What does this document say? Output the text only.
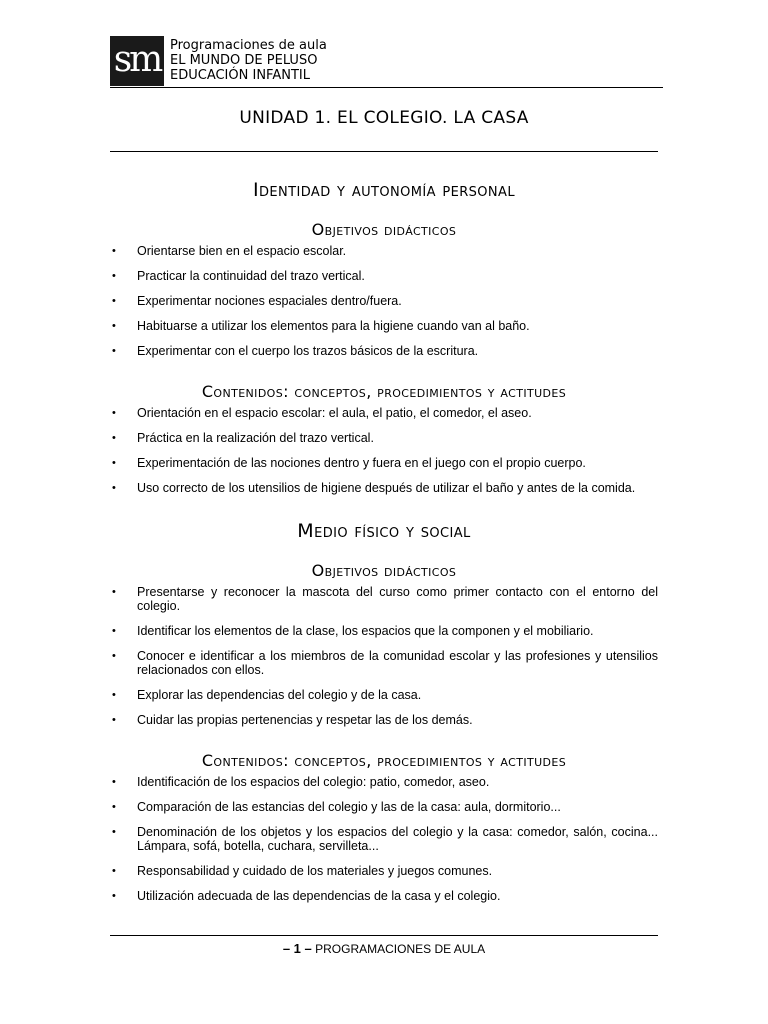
sm Programaciones de aula
EL MUNDO DE PELUSO
EDUCACIÓN INFANTIL
UNIDAD 1. EL COLEGIO. LA CASA
Identidad y autonomía personal
Objetivos didácticos
• Orientarse bien en el espacio escolar.
• Practicar la continuidad del trazo vertical.
• Experimentar nociones espaciales dentro/fuera.
• Habituarse a utilizar los elementos para la higiene cuando van al baño.
• Experimentar con el cuerpo los trazos básicos de la escritura.
Contenidos: conceptos, procedimientos y actitudes
• Orientación en el espacio escolar: el aula, el patio, el comedor, el aseo.
• Práctica en la realización del trazo vertical.
• Experimentación de las nociones dentro y fuera en el juego con el propio cuerpo.
• Uso correcto de los utensilios de higiene después de utilizar el baño y antes de la comida.
Medio físico y social
Objetivos didácticos
• Presentarse y reconocer la mascota del curso como primer contacto con el entorno del colegio.
• Identificar los elementos de la clase, los espacios que la componen y el mobiliario.
• Conocer e identificar a los miembros de la comunidad escolar y las profesiones y utensilios relacionados con ellos.
• Explorar las dependencias del colegio y de la casa.
• Cuidar las propias pertenencias y respetar las de los demás.
Contenidos: conceptos, procedimientos y actitudes
• Identificación de los espacios del colegio: patio, comedor, aseo.
• Comparación de las estancias del colegio y las de la casa: aula, dormitorio...
• Denominación de los objetos y los espacios del colegio y la casa: comedor, salón, cocina... Lámpara, sofá, botella, cuchara, servilleta...
• Responsabilidad y cuidado de los materiales y juegos comunes.
• Utilización adecuada de las dependencias de la casa y el colegio.
– 1 – PROGRAMACIONES DE AULA
